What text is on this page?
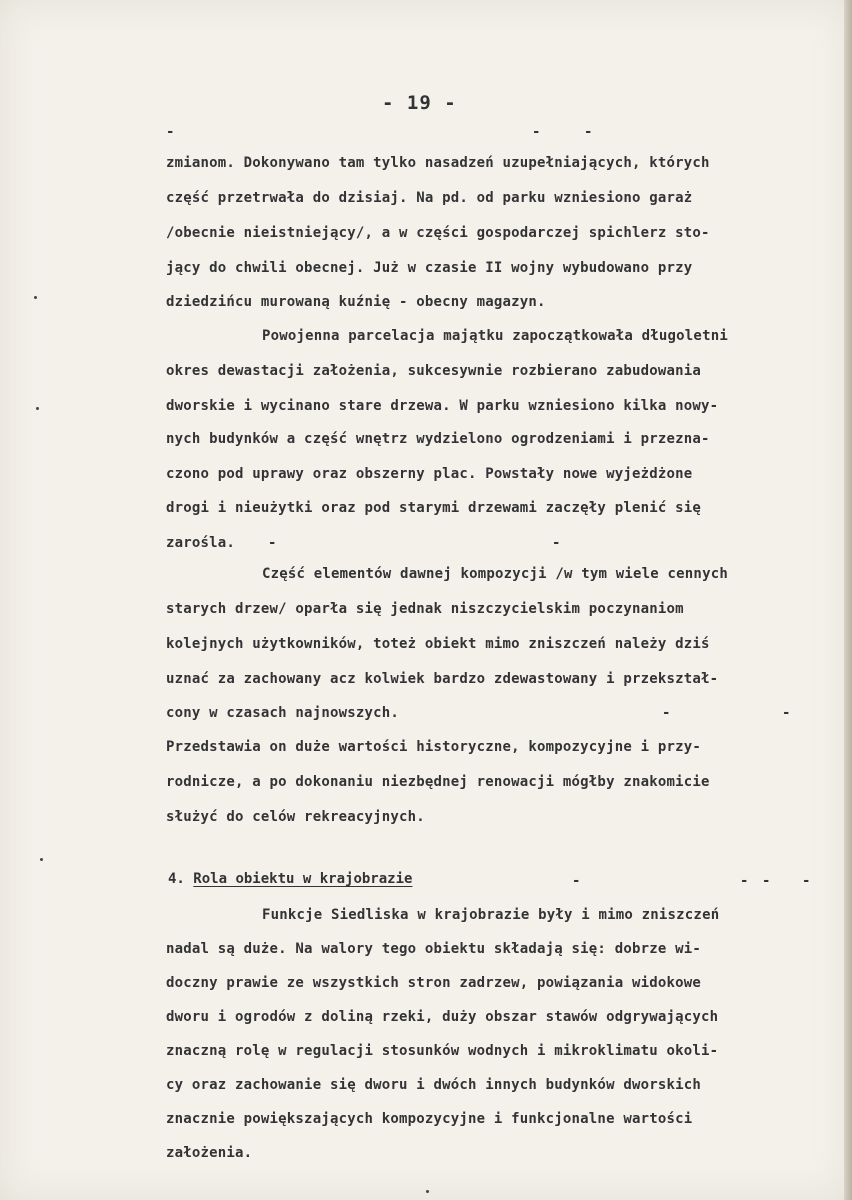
- 19 -
-	-	-
zmianom. Dokonywano tam tylko nasadzeń uzupełniających, których
część przetrwała do dzisiaj. Na pd. od parku wzniesiono garaż
/obecnie nieistniejący/, a w części gospodarczej spichlerz sto-
jący do chwili obecnej. Już w czasie II wojny wybudowano przy
dziedzińcu murowaną kuźnię - obecny magazyn.
Powojenna parcelacja majątku zapoczątkowała długoletni
okres dewastacji założenia, sukcesywnie rozbierano zabudowania
dworskie i wycinano stare drzewa. W parku wzniesiono kilka nowy-
nych budynków a część wnętrz wydzielono ogrodzeniami i przezna-
czono pod uprawy oraz obszerny plac. Powstały nowe wyjeżdżone
drogi i nieużytki oraz pod starymi drzewami zaczęły plenić się
zarośla. -	-
Część elementów dawnej kompozycji /w tym wiele cennych
starych drzew/ oparła się jednak niszczycielskim poczynaniom
kolejnych użytkowników, toteż obiekt mimo zniszczeń należy dziś
uznać za zachowany acz kolwiek bardzo zdewastowany i przekształ-
cony w czasach najnowszych.	-	-
Przedstawia on duże wartości historyczne, kompozycyjne i przy-
rodnicze, a po dokonaniu niezbędnej renowacji mógłby znakomicie
służyć do celów rekreacyjnych.
4. Rola obiektu w krajobrazie	-	- - -
Funkcje Siedliska w krajobrazie były i mimo zniszczeń
nadal są duże. Na walory tego obiektu składają się: dobrze wi-
doczny prawie ze wszystkich stron zadrzew, powiązania widokowe
dworu i ogrodów z doliną rzeki, duży obszar stawów odgrywających
znaczną rolę w regulacji stosunków wodnych i mikroklimatu okoli-
cy oraz zachowanie się dworu i dwóch innych budynków dworskich
znacznie powiększających kompozycyjne i funkcjonalne wartości
założenia.
